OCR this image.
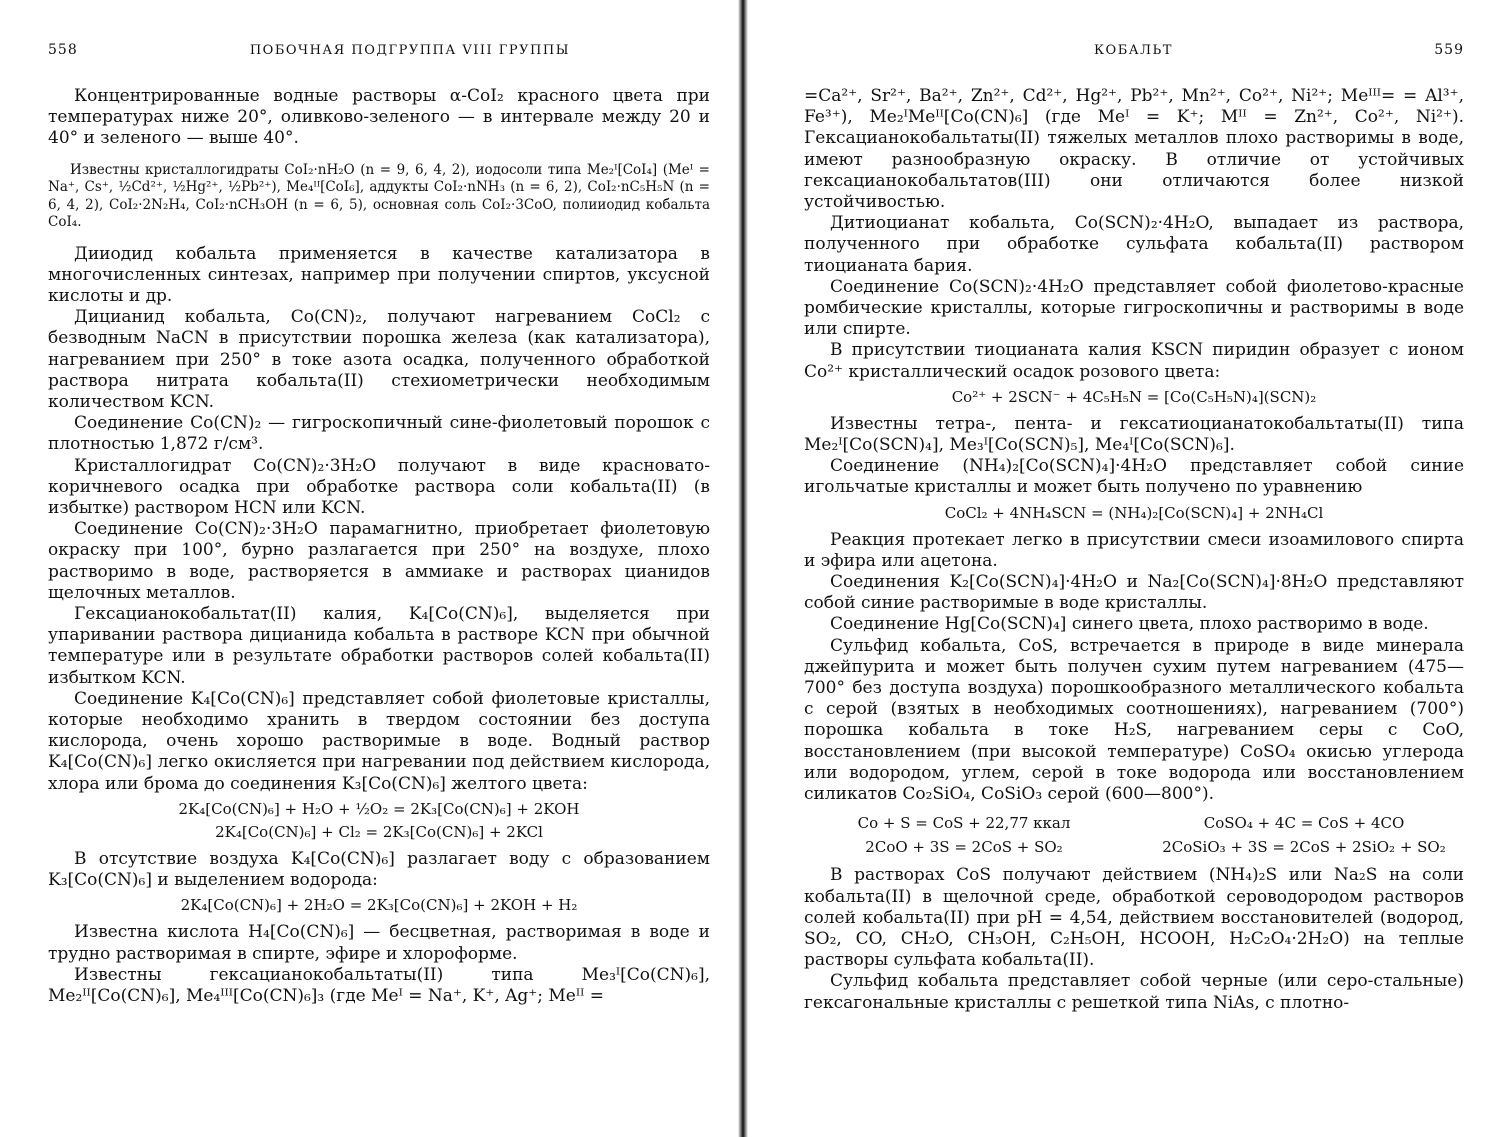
558	ПОБОЧНАЯ ПОДГРУППА VIII ГРУППЫ

Концентрированные водные растворы α-CoI₂ красного цвета при температурах ниже 20°, оливково-зеленого — в интервале между 20 и 40° и зеленого — выше 40°.

Известны кристаллогидраты CoI₂·nH₂O (n = 9, 6, 4, 2), иодосоли типа Me₂ᴵ[CoI₄] (Meᴵ = Na⁺, Cs⁺, ½Cd²⁺, ½Hg²⁺, ½Pb²⁺), Me₄ᴵᴵ[CoI₆], аддукты CoI₂·nNH₃ (n = 6, 2), CoI₂·nC₅H₅N (n = 6, 4, 2), CoI₂·2N₂H₄, CoI₂·nCH₃OH (n = 6, 5), основная соль CoI₂·3CoO, полииодид кобальта CoI₄.

Дииодид кобальта применяется в качестве катализатора в многочисленных синтезах, например при получении спиртов, уксусной кислоты и др.

Дицианид кобальта, Co(CN)₂, получают нагреванием CoCl₂ с безводным NaCN в присутствии порошка железа (как катализатора), нагреванием при 250° в токе азота осадка, полученного обработкой раствора нитрата кобальта(II) стехиометрически необходимым количеством KCN.

Соединение Co(CN)₂ — гигроскопичный сине-фиолетовый порошок с плотностью 1,872 г/см³.

Кристаллогидрат Co(CN)₂·3H₂O получают в виде красновато-коричневого осадка при обработке раствора соли кобальта(II) (в избытке) раствором HCN или KCN.

Соединение Co(CN)₂·3H₂O парамагнитно, приобретает фиолетовую окраску при 100°, бурно разлагается при 250° на воздухе, плохо растворимо в воде, растворяется в аммиаке и растворах цианидов щелочных металлов.

Гексацианокобальтат(II) калия, K₄[Co(CN)₆], выделяется при упаривании раствора дицианида кобальта в растворе KCN при обычной температуре или в результате обработки растворов солей кобальта(II) избытком KCN.

Соединение K₄[Co(CN)₆] представляет собой фиолетовые кристаллы, которые необходимо хранить в твердом состоянии без доступа кислорода, очень хорошо растворимые в воде. Водный раствор K₄[Co(CN)₆] легко окисляется при нагревании под действием кислорода, хлора или брома до соединения K₃[Co(CN)₆] желтого цвета:

2K₄[Co(CN)₆] + H₂O + ½O₂ = 2K₃[Co(CN)₆] + 2KOH
2K₄[Co(CN)₆] + Cl₂ = 2K₃[Co(CN)₆] + 2KCl

В отсутствие воздуха K₄[Co(CN)₆] разлагает воду с образованием K₃[Co(CN)₆] и выделением водорода:

2K₄[Co(CN)₆] + 2H₂O = 2K₃[Co(CN)₆] + 2KOH + H₂

Известна кислота H₄[Co(CN)₆] — бесцветная, растворимая в воде и трудно растворимая в спирте, эфире и хлороформе.

Известны гексацианокобальтаты(II) типа Me₃ᴵ[Co(CN)₆], Me₂ᴵᴵ[Co(CN)₆], Me₄ᴵᴵᴵ[Co(CN)₆]₃ (где Meᴵ = Na⁺, K⁺, Ag⁺; Meᴵᴵ =

КОБАЛЬТ	559

=Ca²⁺, Sr²⁺, Ba²⁺, Zn²⁺, Cd²⁺, Hg²⁺, Pb²⁺, Mn²⁺, Co²⁺, Ni²⁺; Meᴵᴵᴵ= = Al³⁺, Fe³⁺), Me₂ᴵMeᴵᴵ[Co(CN)₆] (где Meᴵ = K⁺; Mᴵᴵ = Zn²⁺, Co²⁺, Ni²⁺). Гексацианокобальтаты(II) тяжелых металлов плохо растворимы в воде, имеют разнообразную окраску. В отличие от устойчивых гексацианокобальтатов(III) они отличаются более низкой устойчивостью.

Дитиоцианат кобальта, Co(SCN)₂·4H₂O, выпадает из раствора, полученного при обработке сульфата кобальта(II) раствором тиоцианата бария.

Соединение Co(SCN)₂·4H₂O представляет собой фиолетово-красные ромбические кристаллы, которые гигроскопичны и растворимы в воде или спирте.

В присутствии тиоцианата калия KSCN пиридин образует с ионом Co²⁺ кристаллический осадок розового цвета:

Co²⁺ + 2SCN⁻ + 4C₅H₅N = [Co(C₅H₅N)₄](SCN)₂

Известны тетра-, пента- и гексатиоцианатокобальтаты(II) типа Me₂ᴵ[Co(SCN)₄], Me₃ᴵ[Co(SCN)₅], Me₄ᴵ[Co(SCN)₆].

Соединение (NH₄)₂[Co(SCN)₄]·4H₂O представляет собой синие игольчатые кристаллы и может быть получено по уравнению

CoCl₂ + 4NH₄SCN = (NH₄)₂[Co(SCN)₄] + 2NH₄Cl

Реакция протекает легко в присутствии смеси изоамилового спирта и эфира или ацетона.

Соединения K₂[Co(SCN)₄]·4H₂O и Na₂[Co(SCN)₄]·8H₂O представляют собой синие растворимые в воде кристаллы.

Соединение Hg[Co(SCN)₄] синего цвета, плохо растворимо в воде.

Сульфид кобальта, CoS, встречается в природе в виде минерала джейпурита и может быть получен сухим путем нагреванием (475—700° без доступа воздуха) порошкообразного металлического кобальта с серой (взятых в необходимых соотношениях), нагреванием (700°) порошка кобальта в токе H₂S, нагреванием серы с CoO, восстановлением (при высокой температуре) CoSO₄ окисью углерода или водородом, углем, серой в токе водорода или восстановлением силикатов Co₂SiO₄, CoSiO₃ серой (600—800°).

Co + S = CoS + 22,77 ккал	CoSO₄ + 4C = CoS + 4CO
2CoO + 3S = 2CoS + SO₂	2CoSiO₃ + 3S = 2CoS + 2SiO₂ + SO₂

В растворах CoS получают действием (NH₄)₂S или Na₂S на соли кобальта(II) в щелочной среде, обработкой сероводородом растворов солей кобальта(II) при pH = 4,54, действием восстановителей (водород, SO₂, CO, CH₂O, CH₃OH, C₂H₅OH, HCOOH, H₂C₂O₄·2H₂O) на теплые растворы сульфата кобальта(II).

Сульфид кобальта представляет собой черные (или серо-стальные) гексагональные кристаллы с решеткой типа NiAs, с плотно-
